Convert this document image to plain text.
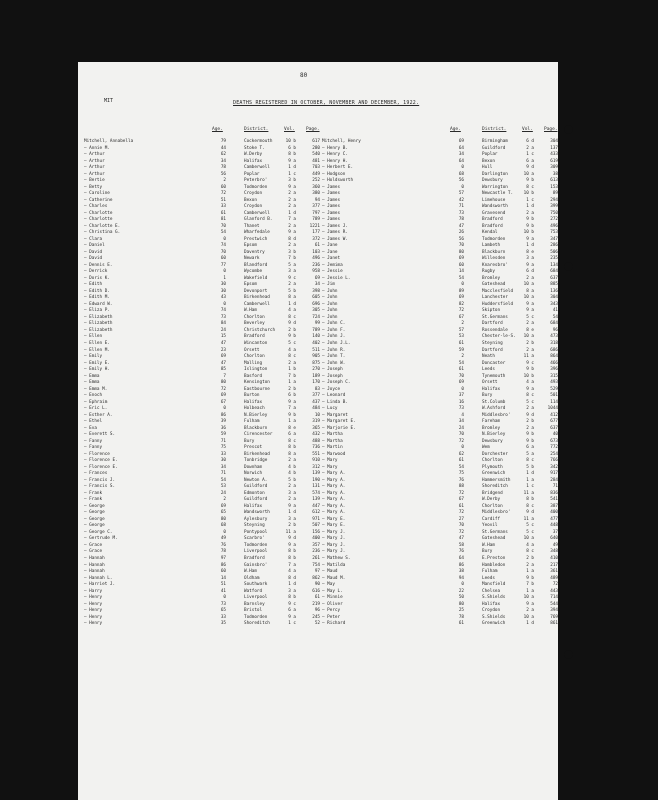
80
MIT	DEATHS REGISTERED IN OCTOBER, NOVEMBER AND DECEMBER, 1922.
Age.	District.	Vol. Page.
Mitchell, Annabella	79	Cockermouth	10 b	617
— Annie M.	44	Stoke T.	6 b	280
— Arthur	62	W.Derby	8 b	540
— Arthur	34	Halifax	9 a	481
— Arthur	78	Camberwell	1 d	703
— Arthur	56	Poplar	1 c	449
— Bertie	2	Peterbro'	3 b	252
— Betty	60	Todmorden	9 a	360
— Caroline	72	Croydon	2 a	380
— Catherine	51	Bexon	2 a	94
— Charles	33	Croydon	2 a	377
— Charlotte	61	Camberwell	1 d	797
— Charlotte	81	Glanford B.	7 a	789
— Charlotte E.	70	Thanet	2 a	1221
— Christina G.	54	Wharfedale	9 a	177
— Clara	0	Prestwich	8 d	372
— Daniel	74	Epsom	2 a	61
— David	70	Daventry	3 b	103
— David	60	Newark	7 b	496
— Dennis E.	77	Blandford	5 a	236
— Derrick	0	Wycombe	3 a	958
— Doris K.	1	Wakefield	9 c	69
— Edith	30	Epsom	2 a	34
— Edith D.	30	Devonport	5 b	398
— Edith M.	43	Birkenhead	8 a	605
— Edward W.	0	Camberwell	1 d	696
— Eliza P.	74	W.Ham	4 a	305
— Elizabeth	73	Chorlton	8 c	724
— Elizabeth	84	Beverley	9 d	99
— Elizabeth	24	Christchurch	2 b	789
— Ellen	15	Bradford	9 b	140
— Ellen E.	47	Wincanton	5 c	402
— Ellen M.	23	Orsett	4 a	511
— Emily	69	Chorlton	8 c	905
— Emily E.	47	Malling	2 a	875
— Emily H.	85	Islington	1 b	270
— Emma	7	Basford	7 b	189
— Emma	80	Kensington	1 a	170
— Emma M.	72	Eastbourne	2 b	83
— Enoch	69	Burton	6 b	377
— Ephraim	67	Halifax	9 a	437
— Eric L.	0	Holbeach	7 a	484
— Esther A.	86	N.Bierley	9 b	10
— Ethel	39	Fulham	1 a	319
— Eva	36	Blackburn	8 e	365
— Everett S.	59	Cirencester	6 a	432
— Fanny	71	Bury	8 c	488
— Fanny	75	Prescot	8 b	736
— Florence	33	Birkenhead	8 a	551
— Florence E.	30	Tonbridge	2 a	910
— Florence E.	34	Downham	4 b	312
— Frances	71	Norwich	4 b	139
— Francis J.	54	Newton A.	5 b	190
— Francis S.	53	Guildford	2 a	131
— Frank	24	Edmonton	3 a	574
— Frank	2	Guildford	2 a	139
— George	69	Halifax	9 a	447
— George	65	Wandsworth	1 d	612
— George	80	Aylesbury	3 a	971
— George	68	Steyning	2 b	507
— George C.	0	Pontypool	11 a	156
— Gertrude M.	49	Scarbro'	9 d	400
— Grace	76	Todmorden	9 a	357
— Grace	78	Liverpool	8 b	236
— Hannah	97	Bradford	8 b	261
— Hannah	86	Gainsbro'	7 a	754
— Hannah	60	W.Ham	4 a	97
— Hannah L.	14	Oldham	8 d	862
— Harriet J.	51	Southwark	1 d	90
— Harry	41	Watford	3 a	616
— Henry	0	Liverpool	8 b	61
— Henry	73	Barnsley	9 c	219
— Henry	65	Bristol	6 a	96
— Henry	33	Todmorden	9 a	245
— Henry	35	Shoreditch	1 c	52
Age.	District.	Vol. Page.
Mitchell, Henry	69	Birmingham	6 d	304
— Henry B.	64	Guildford	2 a	137
— Henry C.	34	Poplar	1 c	433
— Henry H.	64	Bexon	6 a	619
— Herbert E.	0	Hull	9 d	309
— Hodgson	68	Darlington	10 a	38
— Holdsworth	56	Dewsbury	9 b	613
— James	0	Warrington	8 c	153
— James	57	Newcastle T.	10 b	89
— James	42	Limehouse	1 c	294
— James	71	Wandsworth	1 d	399
— James	73	Gravesend	2 a	750
— James	78	Bradford	9 b	272
— James J.	47	Bradford	9 b	496
— James R.	26	Kendal	10 b	753
— James W.	56	Todmorden	9 a	347
— Jane	70	Lambeth	1 d	286
— Jane	80	Blackburn	8 e	506
— Janet	69	Willesden	3 a	235
— Jemima	60	Knaresbro'	9 a	134
— Jessie	14	Rugby	6 d	684
— Jessie L.	54	Bromley	2 a	637
— Jim	0	Gateshead	10 a	885
— John	89	Macclesfield	8 a	136
— John	69	Lanchester	10 a	304
— John	82	Huddersfield	9 a	343
— John	72	Skipton	9 a	41
— John	67	St.Germans	5 c	54
— John C.	2	Dartford	2 a	684
— John F.	57	Rossendale	8 e	96
— John J.	53	Chester-le-S.	10 a	473
— John J.L.	61	Steyning	2 b	318
— John R.	59	Dartford	2 a	686
— John T.	2	Neath	11 a	864
— John W.	54	Doncaster	9 c	466
— Joseph	61	Leeds	9 b	396
— Joseph	70	Tynemouth	10 b	315
— Joseph C.	69	Orsett	4 a	493
— Joyce	0	Halifax	9 a	529
— Leonard	37	Bury	8 c	501
— Linda B.	16	St.Columb	5 c	114
— Lucy	73	W.Ashford	2 a	1044
— Margaret	4	Middlesbro'	9 d	412
— Margaret E.	34	Fareham	2 b	677
— Marjorie E.	24	Bromley	2 a	637
— Martha	70	N.Bierley	9 b	40
— Martha	72	Dewsbury	9 b	673
— Martin	0	Wem	6 a	772
— Marwood	62	Dorchester	5 a	254
— Mary	61	Chorlton	8 c	766
— Mary	54	Plymouth	5 b	342
— Mary A.	75	Greenwich	1 d	917
— Mary A.	76	Hammersmith	1 a	284
— Mary A.	88	Shoreditch	1 c	71
— Mary A.	72	Bridgend	11 a	836
— Mary A.	67	W.Derby	8 b	541
— Mary A.	61	Chorlton	8 c	387
— Mary A.	72	Middlesbro'	9 d	400
— Mary E.	27	Cardiff	11 a	477
— Mary E.	70	Yeovil	5 c	448
— Mary J.	72	St.Germans	5 c	37
— Mary J.	47	Gateshead	10 a	640
— Mary J.	58	W.Ham	4 a	49
— Mary J.	76	Bury	8 c	348
— Mathew S.	64	E.Preston	2 b	410
— Matilda	86	Hambledon	2 a	217
— Maud	38	Fulham	1 a	361
— Maud M.	94	Leeds	9 b	489
— May	0	Mansfield	7 b	72
— May L.	22	Chelsea	1 a	443
— Minnie	50	S.Shields	10 a	714
— Oliver	80	Halifax	9 a	544
— Percy	25	Croydon	2 a	394
— Peter	78	S.Shields	10 a	769
— Richard	61	Greenwich	1 d	861
